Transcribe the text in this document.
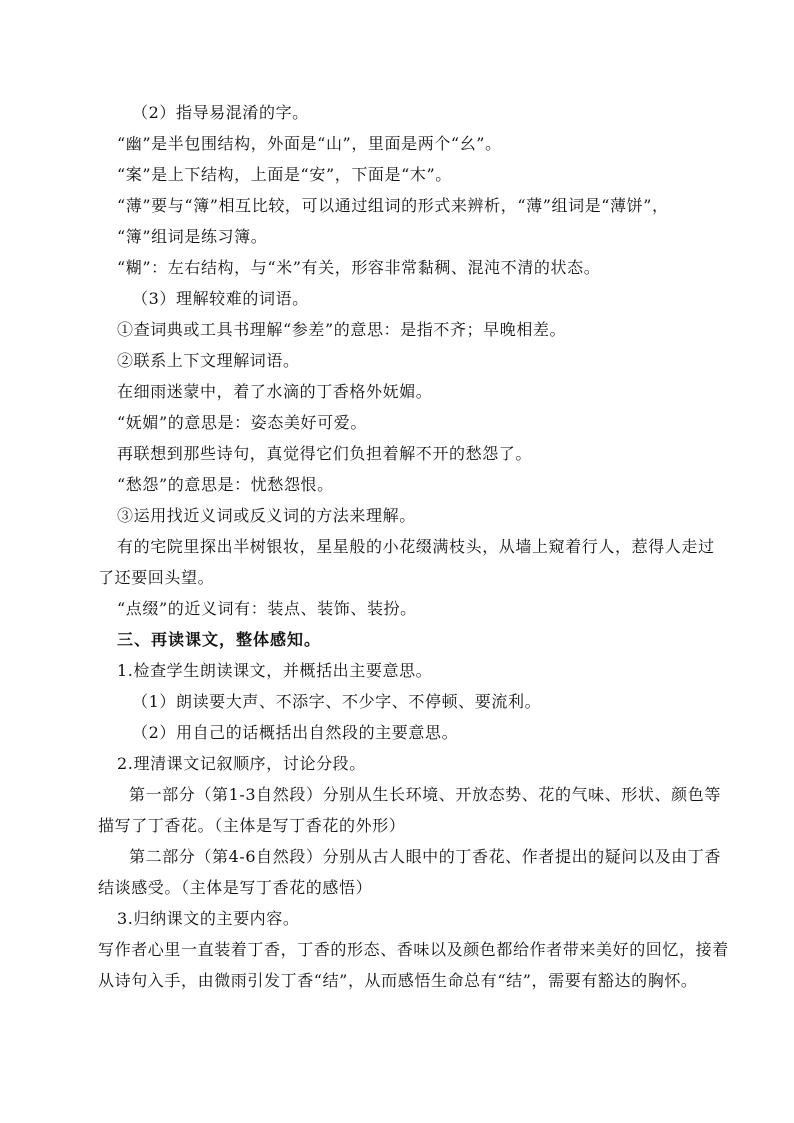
（2）指导易混淆的字。
“幽”是半包围结构，外面是“山”，里面是两个“幺”。
“案”是上下结构，上面是“安”，下面是“木”。
“薄”要与“簿”相互比较，可以通过组词的形式来辨析，“薄”组词是“薄饼”，
“簿”组词是练习簿。
“糊”：左右结构，与“米”有关，形容非常黏稠、混沌不清的状态。
（3）理解较难的词语。
①查词典或工具书理解“参差”的意思：是指不齐；早晚相差。
②联系上下文理解词语。
在细雨迷蒙中，着了水滴的丁香格外妩媚。
“妩媚”的意思是：姿态美好可爱。
再联想到那些诗句，真觉得它们负担着解不开的愁怨了。
“愁怨”的意思是：忧愁怨恨。
③运用找近义词或反义词的方法来理解。
有的宅院里探出半树银妆，星星般的小花缀满枝头，从墙上窥着行人，惹得人走过
了还要回头望。
“点缀”的近义词有：装点、装饰、装扮。
三、再读课文，整体感知。
1.检查学生朗读课文，并概括出主要意思。
（1）朗读要大声、不添字、不少字、不停顿、要流利。
（2）用自己的话概括出自然段的主要意思。
2.理清课文记叙顺序，讨论分段。
第一部分（第1-3自然段）分别从生长环境、开放态势、花的气味、形状、颜色等
描写了丁香花。（主体是写丁香花的外形）
第二部分（第4-6自然段）分别从古人眼中的丁香花、作者提出的疑问以及由丁香
结谈感受。（主体是写丁香花的感悟）
3.归纳课文的主要内容。
写作者心里一直装着丁香，丁香的形态、香味以及颜色都给作者带来美好的回忆，接着
从诗句入手，由微雨引发丁香“结”，从而感悟生命总有“结”，需要有豁达的胸怀。
